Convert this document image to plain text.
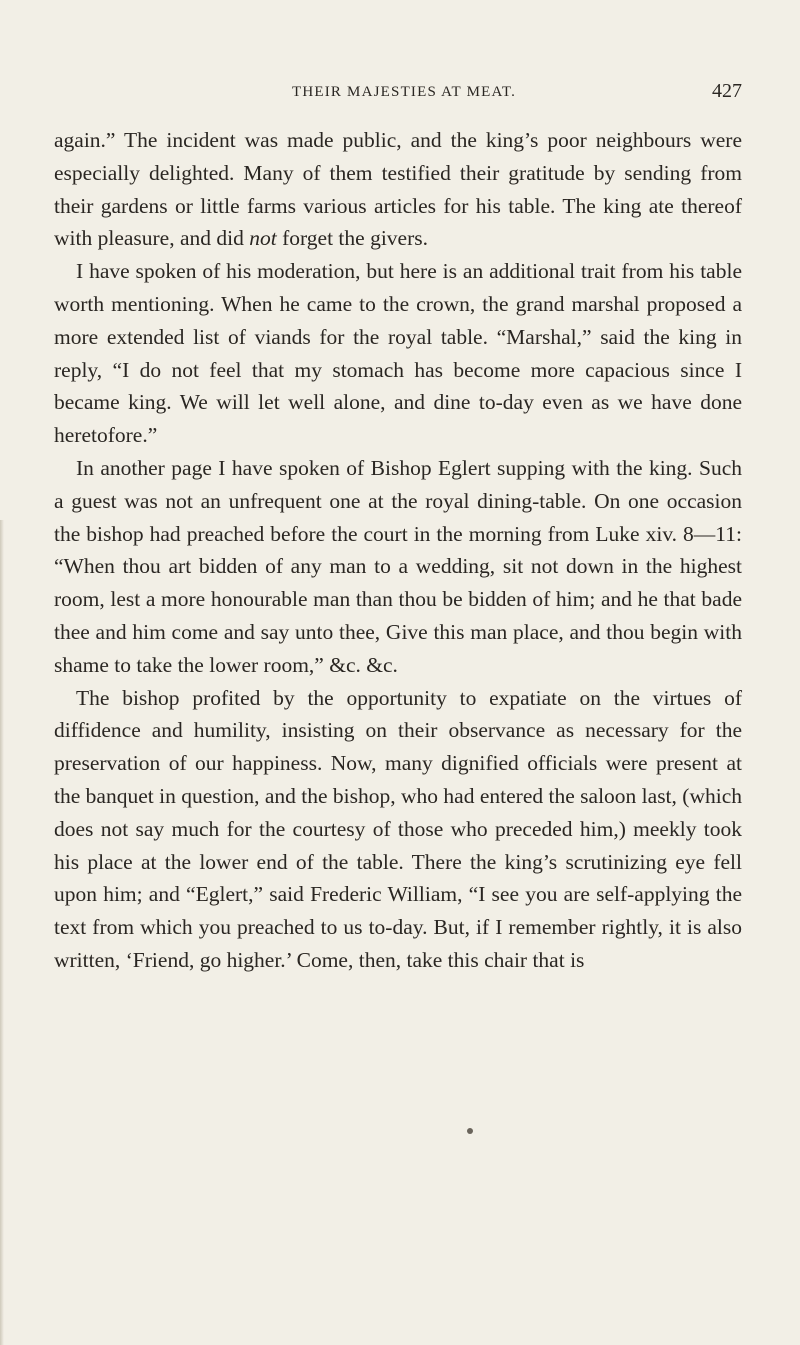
THEIR MAJESTIES AT MEAT.	427

again.” The incident was made public, and the king’s poor neighbours were especially delighted. Many of them testified their gratitude by sending from their gardens or little farms various articles for his table. The king ate thereof with pleasure, and did not forget the givers.

I have spoken of his moderation, but here is an additional trait from his table worth mentioning. When he came to the crown, the grand marshal proposed a more extended list of viands for the royal table. “Marshal,” said the king in reply, “I do not feel that my stomach has become more capacious since I became king. We will let well alone, and dine to-day even as we have done heretofore.”

In another page I have spoken of Bishop Eglert supping with the king. Such a guest was not an unfrequent one at the royal dining-table. On one occasion the bishop had preached before the court in the morning from Luke xiv. 8—11: “When thou art bidden of any man to a wedding, sit not down in the highest room, lest a more honourable man than thou be bidden of him; and he that bade thee and him come and say unto thee, Give this man place, and thou begin with shame to take the lower room,” &c. &c.

The bishop profited by the opportunity to expatiate on the virtues of diffidence and humility, insisting on their observance as necessary for the preservation of our happiness. Now, many dignified officials were present at the banquet in question, and the bishop, who had entered the saloon last, (which does not say much for the courtesy of those who preceded him,) meekly took his place at the lower end of the table. There the king’s scrutinizing eye fell upon him; and “Eglert,” said Frederic William, “I see you are self-applying the text from which you preached to us to-day. But, if I remember rightly, it is also written, ‘Friend, go higher.’ Come, then, take this chair that is
